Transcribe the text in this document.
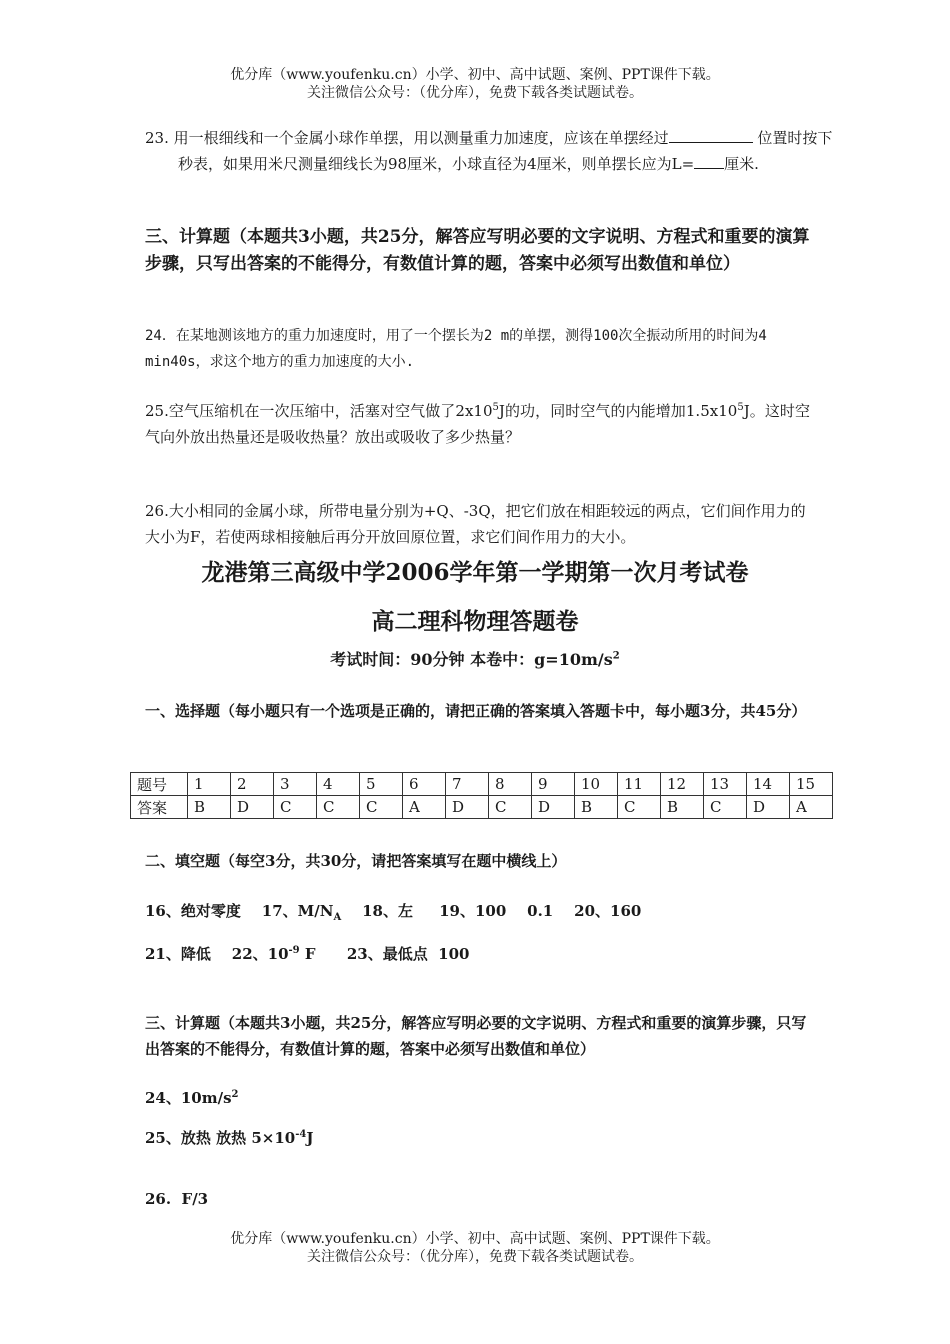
优分库（www.youfenku.cn）小学、初中、高中试题、案例、PPT课件下载。
关注微信公众号：（优分库），免费下载各类试题试卷。
23. 用一根细线和一个金属小球作单摆，用以测量重力加速度，应该在单摆经过	位置时按下秒表，如果用米尺测量细线长为98厘米，小球直径为4厘米，则单摆长应为L= 厘米.
三、计算题（本题共3小题，共25分，解答应写明必要的文字说明、方程式和重要的演算步骤，只写出答案的不能得分，有数值计算的题，答案中必须写出数值和单位）
24．在某地测该地方的重力加速度时，用了一个摆长为2 m的单摆，测得100次全振动所用的时间为4 min40s，求这个地方的重力加速度的大小.
25.空气压缩机在一次压缩中，活塞对空气做了$2x10^5J$的功，同时空气的内能增加$1.5x10^5J$。这时空气向外放出热量还是吸收热量？放出或吸收了多少热量？
26.大小相同的金属小球，所带电量分别为+Q、-3Q，把它们放在相距较远的两点，它们间作用力的大小为F，若使两球相接触后再分开放回原位置，求它们间作用力的大小。
龙港第三高级中学2006学年第一学期第一次月考试卷
高二理科物理答题卷
考试时间：90分钟 本卷中：$g=10m/s^2$
一、选择题（每小题只有一个选项是正确的，请把正确的答案填入答题卡中，每小题3分，共45分）
题号	1	2	3	4	5	6	7	8	9	10	11	12	13	14	15
答案	B	D	C	C	C	A	D	C	D	B	C	B	C	D	A
二、填空题（每空3分，共30分，请把答案填写在题中横线上）
16、绝对零度    17、$M/N_A$    18、左     19、100    0.1    20、160
21、降低    22、$10^{-9}$ F      23、最低点  100
三、计算题（本题共3小题，共25分，解答应写明必要的文字说明、方程式和重要的演算步骤，只写出答案的不能得分，有数值计算的题，答案中必须写出数值和单位）
24、$10m/s^2$
25、放热 放热 $5\times 10^{-4}J$
26.  F/3
优分库（www.youfenku.cn）小学、初中、高中试题、案例、PPT课件下载。
关注微信公众号：（优分库），免费下载各类试题试卷。
